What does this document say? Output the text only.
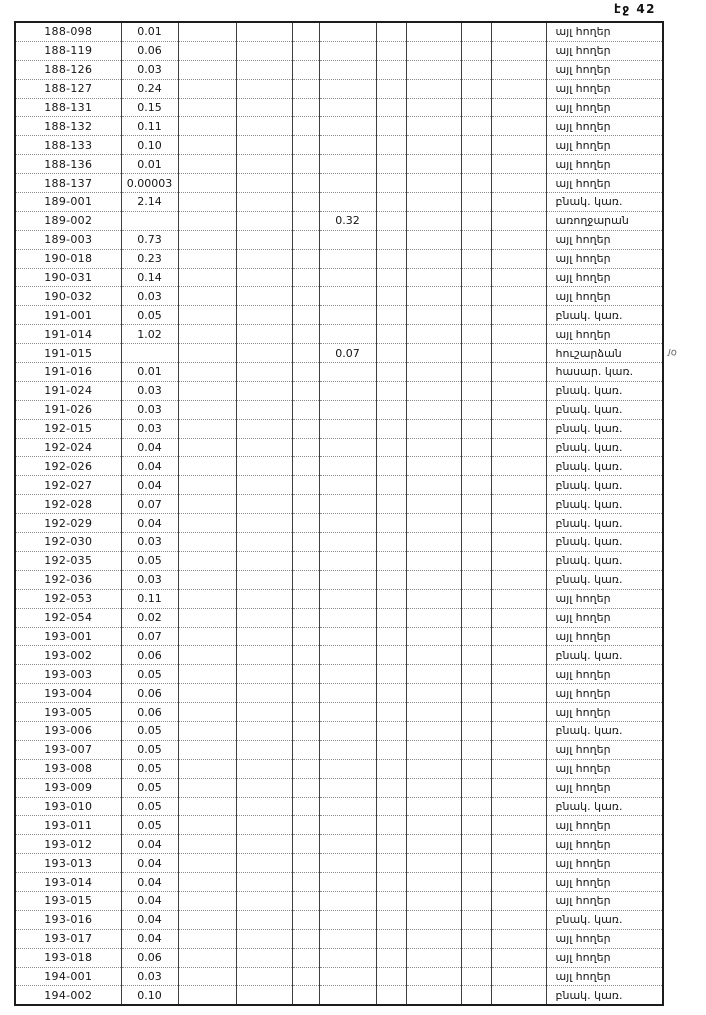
էջ 42
188-098	0.01									այլ հողեր
188-119	0.06									այլ հողեր
188-126	0.03									այլ հողեր
188-127	0.24									այլ հողեր
188-131	0.15									այլ հողեր
188-132	0.11									այլ հողեր
188-133	0.10									այլ հողեր
188-136	0.01									այլ հողեր
188-137	0.00003									այլ հողեր
189-001	2.14									բնակ. կառ.
189-002					0.32					առողջարան
189-003	0.73									այլ հողեր
190-018	0.23									այլ հողեր
190-031	0.14									այլ հողեր
190-032	0.03									այլ հողեր
191-001	0.05									բնակ. կառ.
191-014	1.02									այլ հողեր
191-015					0.07					հուշարձան
191-016	0.01									հասար. կառ.
191-024	0.03									բնակ. կառ.
191-026	0.03									բնակ. կառ.
192-015	0.03									բնակ. կառ.
192-024	0.04									բնակ. կառ.
192-026	0.04									բնակ. կառ.
192-027	0.04									բնակ. կառ.
192-028	0.07									բնակ. կառ.
192-029	0.04									բնակ. կառ.
192-030	0.03									բնակ. կառ.
192-035	0.05									բնակ. կառ.
192-036	0.03									բնակ. կառ.
192-053	0.11									այլ հողեր
192-054	0.02									այլ հողեր
193-001	0.07									այլ հողեր
193-002	0.06									բնակ. կառ.
193-003	0.05									այլ հողեր
193-004	0.06									այլ հողեր
193-005	0.06									այլ հողեր
193-006	0.05									բնակ. կառ.
193-007	0.05									այլ հողեր
193-008	0.05									այլ հողեր
193-009	0.05									այլ հողեր
193-010	0.05									բնակ. կառ.
193-011	0.05									այլ հողեր
193-012	0.04									այլ հողեր
193-013	0.04									այլ հողեր
193-014	0.04									այլ հողեր
193-015	0.04									այլ հողեր
193-016	0.04									բնակ. կառ.
193-017	0.04									այլ հողեր
193-018	0.06									այլ հողեր
194-001	0.03									այլ հողեր
194-002	0.10									բնակ. կառ.
յօ
